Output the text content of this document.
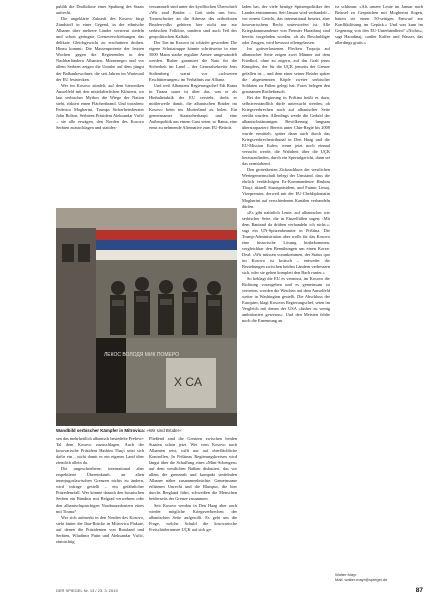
publik die Droßidiose einer Spaltung des Staats aufrecht.

Die ungeklärte Zukunft des Kosovo birgt Zündstoff in einer Gegend, in der ethnische Albaner über mehrere Länder verstreut siedeln und schon geringste Grenzverschiebungen das delikate Gleichgewicht zu erschüttern drohen. Hinzu kommt: Die Massenproteste der letzten Wochen gegen die Regierenden in den Nachbarländern Albanien, Montenegro und vor allem Serbien zeigen die Unruhe auf dem jüngst der Balkanhewohner, die seit Jahren im Wartesaal der EU feststecken.

Wer im Kosovo zündelt, auf dem hieroniken Amselfeld mit den mittelalterlichen Klöstern, wo laut serbischer Mythos die Wiege der Nation steht, riskiert einen Flächenbrand. Und trotzdem: Federica Mogherini, Trumps Sicherheitsberater John Bolton, Serbiens Präsident Aleksandar Vučić – sie alle erwägen, den Norden des Kosovo Serbien zuzuschlagen und stattdes-

versammelt sind unter der kyrillischen Überschrift »Wir sind Brüder – Gott steht uns bei«. Treueschwüre an die Adresse des orthodoxen Bruderrvolks gehören hier nicht nur zur serbischen Folklore, sondern sind auch Teil des geopolitischen Kalküls.

Der Ton im Kosovo ist schärfer geworden: Die eigene Schutztruppe könnte schrittweise in eine 5000 Mann starke reguläre Armee umgewandelt werden. Bisher garantiert die Nato für die Sicherheit im Land – der Generalsekretär Jens Stoltenberg warnt vor »schweren Erschütterungen« im Verhältnis zur Allianz.

Und weil Albaniens Regierungschef Edi Rama in Tirana sauer ist über das, was er als Hinhaltetaktik der EU versteht, droht er mittlerweile damit, die albanischen Brüder im Kosovo heim ins Mutterland zu holen. Ein gemeinsamer Staatsoberhaupt und eine Außenpolitik aus einem Guss seien, so Rama, eine ernst zu nehmende Alternative zum EU-Beitritt.

laden hat, der viele heutige Spitzenpolitiker des Landes entstammen. Seit Januar wird verhandelt – vor einem Gericht, das international besetzt, aber kosovarischem Recht unterworfen ist. Alle Kriegskommandeure von Premier Haradinaj sind bereits vorgeladen worden, ob als Beschuldigte oder Zeugen, wird bewusst offengelassen.

Im gottverlassenen Flecken Tropoja auf albanischer Seite zeigen zwei Männer auf dem Friedhof, ohne zu zögern, auf das Grab jenes Kämpfers, der für die UÇK jenseits der Grenze gefallen ist – und dem einer seiner Brüder später die abgetrennten Köpfe zweier serbischer Soldaten zu Füßen gelegt hat. Fotos belegen den grausamen Rachebrauch.

Bei der Regierung in Priština heißt es dazu, selbstverständlich dürfe untersucht werden, ob Kriegsverbrechen auch auf albanischer Seite verübt wurden. Allerdings werde die Geduld der albanischstämmigen Bevölkerung langsam überstrapaziert: Bereits unter Chin-Regie bis 2008 wurde ermittelt, später dann auch durch das Kriegsverbrechertribunal in Den Haag und die EU-Mission Eulex; wenn jetzt noch einmal versucht werde, die Wahrheit über die UÇK herauszufinden, durch ein Spezialgericht, dann sei das zermürbend.

Den groteskesten Zickzackkurs der westlichen Wertegemeinschaft belegt der Umstand, dass die ehrlich verdächtigen Ex-Kommandeure Hashim Thaçi, aktuell Staatspräsident, und Fatmir Limaj, Vizepremier, derweil mit der EU-Chefdiplomatin Mogherini auf verschiedenen Kanälen verhandeln dürfen.

»Es gibt natürlich Leute, auf albanischer wie serbischer Seite, die in Einzelfällen sagen: ›Mit dem Bantand da drüben verhandeln ich nicht‹«, sagt ein UN-Spitzenbeamter in Priština. Die Trump-Administration aber wolle für das Kosovo eine historische Lösung hinbekommen, vergleichbar den Bemühungen um einen Korea-Deal: »Wir müssen vorankommen, der Status quo im Kosovo ist kritisch – entweder die Beziehungen zwischen beiden Ländern verbessern sich, oder sie gehen komplett den Bach runter.«

So beklagt die EU es vermisst, im Kosovo die Richtung vorzugeben und es gemeinsam zu vertreten, worden die Weichen auf dem Amselfeld weiter in Washington gestellt. Die Abschluss der Europäer, klagt Kosovos Regierungschef, seien im Vergleich mit denen der USA »bisher zu wenig ambitioniert gewesen«. Und den Meisten fehlte noch die Ernennung an.

ist schlimm: »Als unsere Leute im Januar nach Brüssel zu Gesprächen mit Mogherini flogen, hatten sie einen 50-seitigen Entwurf zur Konfliktlösung im Gepäck.« Und was kam im Gegenzug von den EU-Unterhändlern? »Nichts«, sagt Haradinaj, »außer Kaffee und Wasser, das allerdings gratis.«

X CA
ЛЕКОС ВОЛОДЯ МИК ПОМЕРО
Wandbild serbischer Kämpfer in Mitrovica: »Wir sind Brüder«

sen das mehrheitlich albanisch besiedelte Preševo-Tal dem Kosovo zuzuschlagen. Auch der kosovarische Präsident Hashim Thaçi setzt sich dafür ein – nicht damit es ein eigenes Land über ziemlich allein da.

Die ungeschriebene, international aber respektierte Übereinkunft, an alten innerjugoslawischen Grenzen nichts zu ändern, wird infrage gestellt – ein gefährlicher Präzedenzfall. Wer könnte danach den bosnischen Serben ein Bündnis mit Belgrad verwehren oder den albanischsprachigen Nordmazedoniern eines mit Tirana?

Wer sich aufmerkt in den Norden des Kosovo, sieht hinter der Ibar-Brücke in Mitrovica Plakate, auf denen die Präsidenten von Russland und Serbien, Wladimir Putin und Aleksandar Vučić, einträchtig

Fließend sind die Grenzen zwischen beiden Staaten schon jetzt. Wer vom Kosovo nach Albanien reist, trifft nur auf oberflächliche Kontrollen. In Prištinas Regierungskreisen wird längst über die Schaffung eines »Mini-Schengen« auf dem westlichen Balkan diskutiert, das vor allem die grenznah und kompakt siedelnden Albaner näher zusammenbrächte. Gemeinsame erlittenes Unrecht und die Blutspur, die hier durchs Bergland führt, schweißen die Menschen beiderseits der Grenze zusammen.

Seit Kosovo werden in Den Haag aber auch wieder mögliche Kriegsverbrechen der albanischen Seite aufgerollt. Es geht um die Frage, welche Schuld die kosovarische Freischärlerarmee UÇK auf sich ge-

Walter Mayr
Mail: walter.mayr@spiegel.de
DER SPIEGEL Nr. 13 / 23. 3. 2019	87
